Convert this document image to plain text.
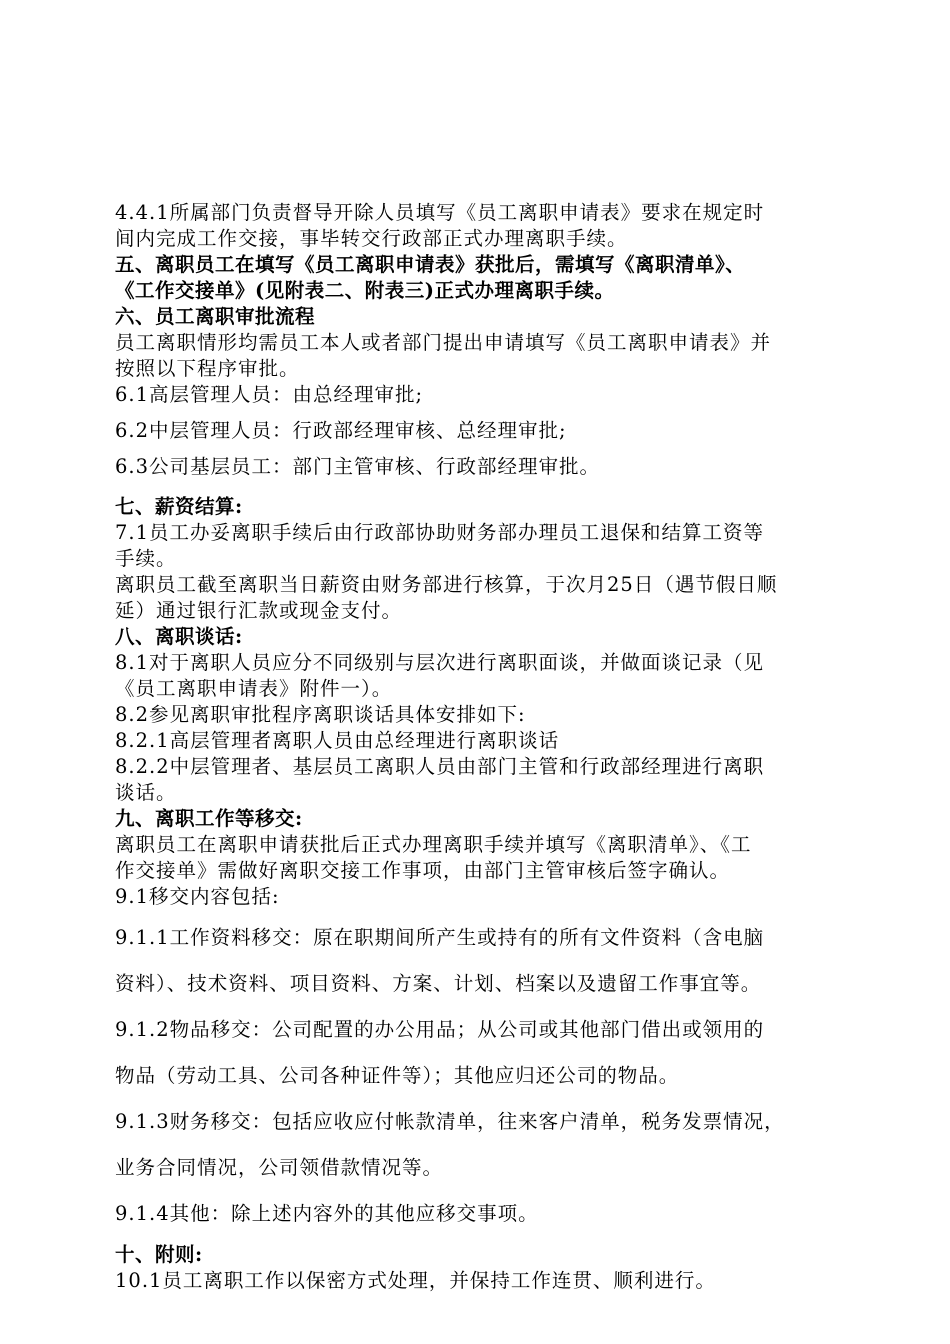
4.4.1所属部门负责督导开除人员填写《员工离职申请表》要求在规定时
间内完成工作交接，事毕转交行政部正式办理离职手续。
五、离职员工在填写《员工离职申请表》获批后，需填写《离职清单》、
《工作交接单》(见附表二、附表三)正式办理离职手续。
六、员工离职审批流程
员工离职情形均需员工本人或者部门提出申请填写《员工离职申请表》并
按照以下程序审批。
6.1高层管理人员：由总经理审批;
6.2中层管理人员：行政部经理审核、总经理审批;
6.3公司基层员工：部门主管审核、行政部经理审批。
七、薪资结算:
7.1员工办妥离职手续后由行政部协助财务部办理员工退保和结算工资等
手续。
离职员工截至离职当日薪资由财务部进行核算，于次月25日（遇节假日顺
延）通过银行汇款或现金支付。
八、离职谈话:
8.1对于离职人员应分不同级别与层次进行离职面谈，并做面谈记录（见
《员工离职申请表》附件一）。
8.2参见离职审批程序离职谈话具体安排如下:
8.2.1高层管理者离职人员由总经理进行离职谈话
8.2.2中层管理者、基层员工离职人员由部门主管和行政部经理进行离职
谈话。
九、离职工作等移交:
离职员工在离职申请获批后正式办理离职手续并填写《离职清单》、《工
作交接单》需做好离职交接工作事项，由部门主管审核后签字确认。
9.1移交内容包括:
9.1.1工作资料移交：原在职期间所产生或持有的所有文件资料（含电脑
资料）、技术资料、项目资料、方案、计划、档案以及遗留工作事宜等。
9.1.2物品移交：公司配置的办公用品；从公司或其他部门借出或领用的
物品（劳动工具、公司各种证件等）；其他应归还公司的物品。
9.1.3财务移交：包括应收应付帐款清单，往来客户清单，税务发票情况，
业务合同情况，公司领借款情况等。
9.1.4其他：除上述内容外的其他应移交事项。
十、附则:
10.1员工离职工作以保密方式处理，并保持工作连贯、顺利进行。
